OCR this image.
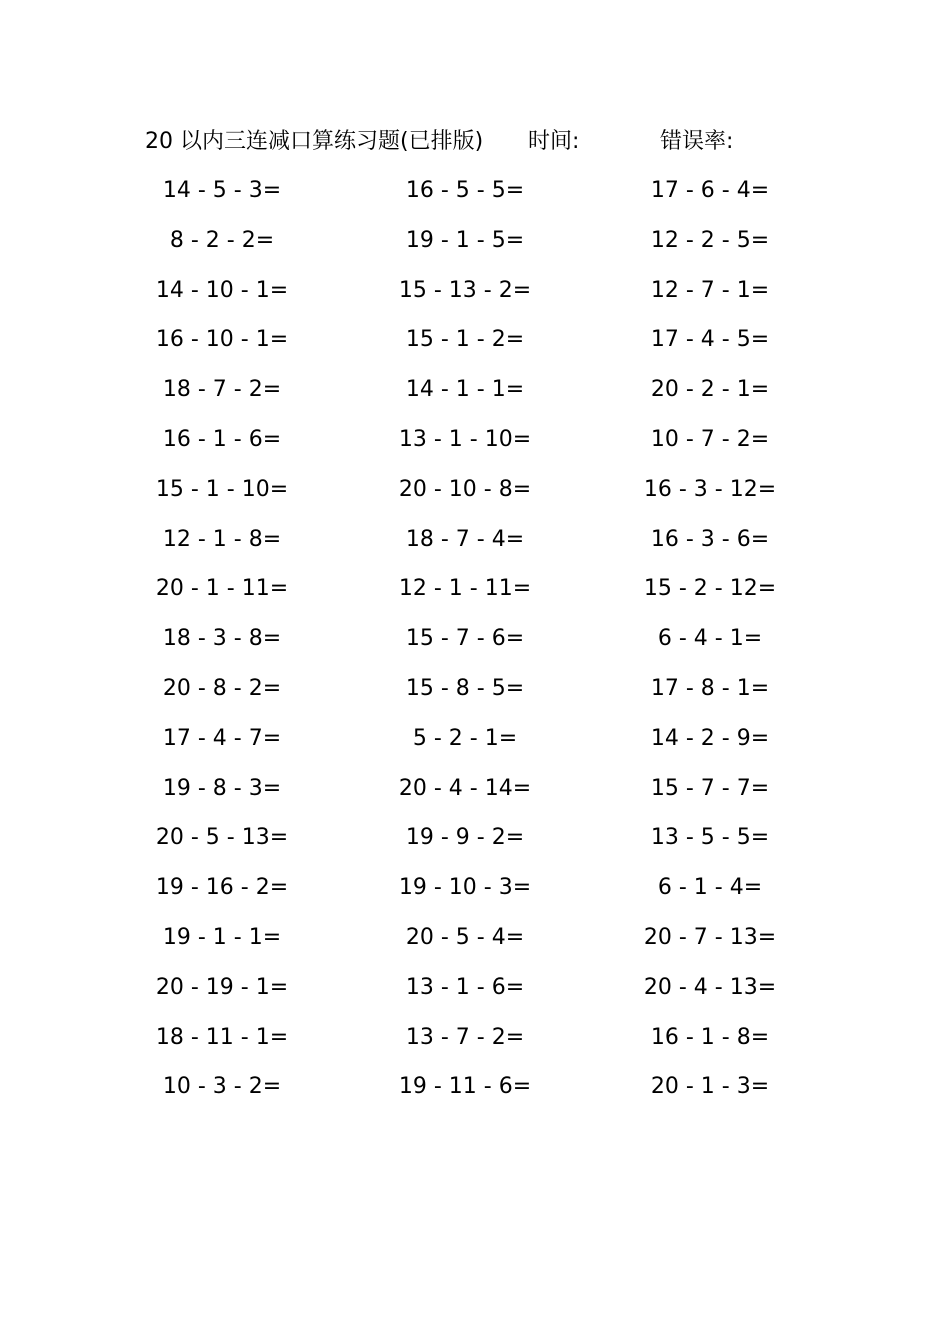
20 以内三连减口算练习题(已排版) 时间:	错误率:
14 - 5 - 3=	16 - 5 - 5=	17 - 6 - 4=
8 - 2 - 2=	19 - 1 - 5=	12 - 2 - 5=
14 - 10 - 1=	15 - 13 - 2=	12 - 7 - 1=
16 - 10 - 1=	15 - 1 - 2=	17 - 4 - 5=
18 - 7 - 2=	14 - 1 - 1=	20 - 2 - 1=
16 - 1 - 6=	13 - 1 - 10=	10 - 7 - 2=
15 - 1 - 10=	20 - 10 - 8=	16 - 3 - 12=
12 - 1 - 8=	18 - 7 - 4=	16 - 3 - 6=
20 - 1 - 11=	12 - 1 - 11=	15 - 2 - 12=
18 - 3 - 8=	15 - 7 - 6=	6 - 4 - 1=
20 - 8 - 2=	15 - 8 - 5=	17 - 8 - 1=
17 - 4 - 7=	5 - 2 - 1=	14 - 2 - 9=
19 - 8 - 3=	20 - 4 - 14=	15 - 7 - 7=
20 - 5 - 13=	19 - 9 - 2=	13 - 5 - 5=
19 - 16 - 2=	19 - 10 - 3=	6 - 1 - 4=
19 - 1 - 1=	20 - 5 - 4=	20 - 7 - 13=
20 - 19 - 1=	13 - 1 - 6=	20 - 4 - 13=
18 - 11 - 1=	13 - 7 - 2=	16 - 1 - 8=
10 - 3 - 2=	19 - 11 - 6=	20 - 1 - 3=
